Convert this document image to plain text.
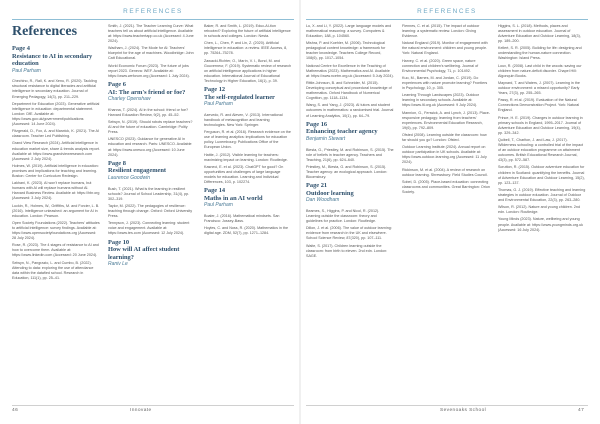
REFERENCES	REFERENCES
References
Page 4
Resistance to AI in secondary education
Paul Parham

Chechino, R., Rall, K. and Xenu, R. (2020). Tackling structural resistance to digital literacies and artificial intelligence in secondary education. Journal of Emerging Pedagogy, 14(3), pp. 211–229.

Department for Education (2023). Generative artificial intelligence in education: departmental statement. London: DfE. Available at: https://www.gov.uk/government/publications (Accessed: 14 June 2024).

Fitzgerald, D., Fox, A. and Marwick, K. (2021). The AI classroom. Teacher Led Publishing.

Grand View Research (2024). Artificial intelligence in education market size, share & trends analysis report. Available at: https://www.grandviewresearch.com (Accessed: 2 July 2024).

Holmes, W. (2019). Artificial intelligence in education: promises and implications for teaching and learning. Boston: Center for Curriculum Redesign.

Lakhani, K. (2023). AI won't replace humans, but humans with AI will replace humans without AI. Harvard Business Review. Available at: https://hbr.org (Accessed: 3 July 2024).

Luckin, R., Holmes, W., Griffiths, M. and Forcier, L. B. (2016). Intelligence unleashed: an argument for AI in education. London: Pearson.

Open Society Foundations (2022). Teachers' attitudes to artificial intelligence: survey findings. Available at: https://www.opensocietyfoundations.org (Accessed: 28 July 2024).

Rose, R. (2023). The 4 stages of resistance to AI and how to overcome them. Available at: https://www.linkedin.com (Accessed: 20 June 2024).

Selwyn, N., Pangrazio, L. and Cumbo, B. (2022). Attending to data: exploring the use of attendance data within the datafied school. Research in Education, 111(1), pp. 25–41.

Smith, J. (2021). The Teacher Learning Curve: What teachers tell us about artificial intelligence. Available at: https://www.teachertapp.co.uk (Accessed: 4 June 2024).

Wadham, J. (2024). The Mode for AI: Teachers' blueprint for the age of machines. Woodbridge: John Catt Educational.

World Economic Forum (2023). The future of jobs report 2023. Geneva: WEF. Available at: https://www.weforum.org (Accessed: 1 July 2024).

Page 6
AI: The arm's friend or foe?
Charley Openshaw

Khanna, T. (2024). AI in the school: friend or foe? Harvard Education Review, 9(2), pp. 45–52.

Selwyn, N. (2019). Should robots replace teachers? AI and the future of education. Cambridge: Polity Press.

UNESCO (2023). Guidance for generative AI in education and research. Paris: UNESCO. Available at: https://www.unesco.org (Accessed: 10 June 2024).

Page 8
Resilient engagement
Laurence Goodwin

Bush, T. (2021). What is the learning in resilient schools? Journal of School Leadership, 31(4), pp. 302–319.

Taylor, M. (2022). The pedagogies of resilience: teaching through change. Oxford: Oxford University Press.

Tennyson, J. (2023). Connecting learning: student voice and engagement. Available at: https://www.tes.com (Accessed: 12 July 2024).

Page 10
How will AI affect student learning?
Raniv Le

Baker, R. and Smith, L. (2019). Educ-AI-tion rebooted? Exploring the future of artificial intelligence in schools and colleges. London: Nesta.

Chen, L., Chen, P. and Lin, Z. (2020). Artificial intelligence in education: a review. IEEE Access, 8, pp. 75264–75278.

Zawacki-Richter, O., Marín, V. I., Bond, M. and Gouverneur, F. (2019). Systematic review of research on artificial intelligence applications in higher education. International Journal of Educational Technology in Higher Education, 16(1), p. 39.

Page 12
The self-regulated learner
Paul Parham

Azevedo, R. and Aleven, V. (2013). International handbook of metacognition and learning technologies. New York: Springer.

Ferguson, R. et al. (2016). Research evidence on the use of learning analytics: implications for education policy. Luxembourg: Publications Office of the European Union.

Hattie, J. (2012). Visible learning for teachers: maximizing impact on learning. London: Routledge.

Kasneci, E. et al. (2023). ChatGPT for good? On opportunities and challenges of large language models for education. Learning and Individual Differences, 103, p. 102274.

Page 14
Maths in an AI world
Paul Parham

Boaler, J. (2016). Mathematical mindsets. San Francisco: Jossey-Bass.

Hoyles, C. and Noss, R. (2020). Mathematics in the digital age. ZDM, 52(7), pp. 1271–1284.

Lu, X. and Li, Y. (2022). Large language models and mathematical reasoning: a survey. Computers & Education, 188, p. 104560.

Mishra, P. and Koehler, M. (2006). Technological pedagogical content knowledge: a framework for teacher knowledge. Teachers College Record, 108(6), pp. 1017–1054.

National Centre for Excellence in the Teaching of Mathematics (2023). Mathematics and AI. Available at: https://www.ncetm.org.uk (Accessed: 5 July 2024).

Rittle-Johnson, B. and Schneider, M. (2015). Developing conceptual and procedural knowledge of mathematics. Oxford Handbook of Numerical Cognition, pp. 1118–1134.

Wang, S. and Yang, J. (2023). AI tutors and student outcomes in mathematics: a randomised trial. Journal of Learning Analytics, 10(1), pp. 64–79.

Page 16
Enhancing teacher agency
Benjamin Stewart

Biesta, G., Priestley, M. and Robinson, S. (2015). The role of beliefs in teacher agency. Teachers and Teaching, 21(6), pp. 624–640.

Priestley, M., Biesta, G. and Robinson, S. (2015). Teacher agency: an ecological approach. London: Bloomsbury.

Page 21
Outdoor learning
Dan Woodham

Beames, S., Higgins, P. and Nicol, R. (2012). Learning outside the classroom: theory and guidelines for practice. London: Routledge.

Dillon, J. et al. (2006). The value of outdoor learning: evidence from research in the UK and elsewhere. School Science Review, 87(320), pp. 107–111.

Waite, S. (2017). Children learning outside the classroom: from birth to eleven. 2nd edn. London: SAGE.

Fiennes, C. et al. (2015). The impact of outdoor learning: a systematic review. London: Giving Evidence.

Natural England (2019). Monitor of engagement with the natural environment: children and young people. York: Natural England.

Harvey, C. et al. (2020). Green space, nature connection and children's wellbeing. Journal of Environmental Psychology, 71, p. 101492.

Kuo, M., Barnes, M. and Jordan, C. (2019). Do experiences with nature promote learning? Frontiers in Psychology, 10, p. 305.

Learning Through Landscapes (2023). Outdoor learning in secondary schools. Available at: https://www.ltl.org.uk (Accessed: 9 July 2024).

Mannion, G., Fenwick, A. and Lynch, J. (2013). Place-responsive pedagogy: learning from teachers' experiences. Environmental Education Research, 19(6), pp. 792–809.

Ofsted (2008). Learning outside the classroom: how far should you go? London: Ofsted.

Outdoor Learning Institute (2024). Annual report on outdoor participation in UK schools. Available at: https://www.outdoor-learning.org (Accessed: 11 July 2024).

Rickinson, M. et al. (2004). A review of research on outdoor learning. Shrewsbury: Field Studies Council.

Sobel, D. (2005). Place-based education: connecting classrooms and communities. Great Barrington: Orion Society.

Higgins, S. L. (2018). Methods, places and assessment in outdoor education. Journal of Adventure Education and Outdoor Learning, 18(3), pp. 189–200.

Kellert, S. R. (2005). Building for life: designing and understanding the human-nature connection. Washington: Island Press.

Louv, R. (2008). Last child in the woods: saving our children from nature-deficit disorder. Chapel Hill: Algonquin Books.

Maynard, T. and Waters, J. (2007). Learning in the outdoor environment: a missed opportunity? Early Years, 27(3), pp. 255–265.

Passy, R. et al. (2019). Evaluation of the Natural Connections Demonstration Project. York: Natural England.

Prince, H. E. (2019). Changes in outdoor learning in primary schools in England, 1995–2017. Journal of Adventure Education and Outdoor Learning, 19(4), pp. 329–342.

Quibell, T., Charlton, J. and Law, J. (2017). Wilderness schooling: a controlled trial of the impact of an outdoor education programme on attainment outcomes. British Educational Research Journal, 43(3), pp. 572–587.

Scrutton, R. (2015). Outdoor adventure education for children in Scotland: quantifying the benefits. Journal of Adventure Education and Outdoor Learning, 15(2), pp. 123–137.

Thomas, G. J. (2019). Effective teaching and learning strategies in outdoor education. Journal of Outdoor and Environmental Education, 22(3), pp. 263–280.

Wilson, R. (2012). Nature and young children. 2nd edn. London: Routledge.

Young Minds (2023). Nature, wellbeing and young people. Available at: https://www.youngminds.org.uk (Accessed: 16 July 2024).

46	Innovate	Sevenoaks School	47
